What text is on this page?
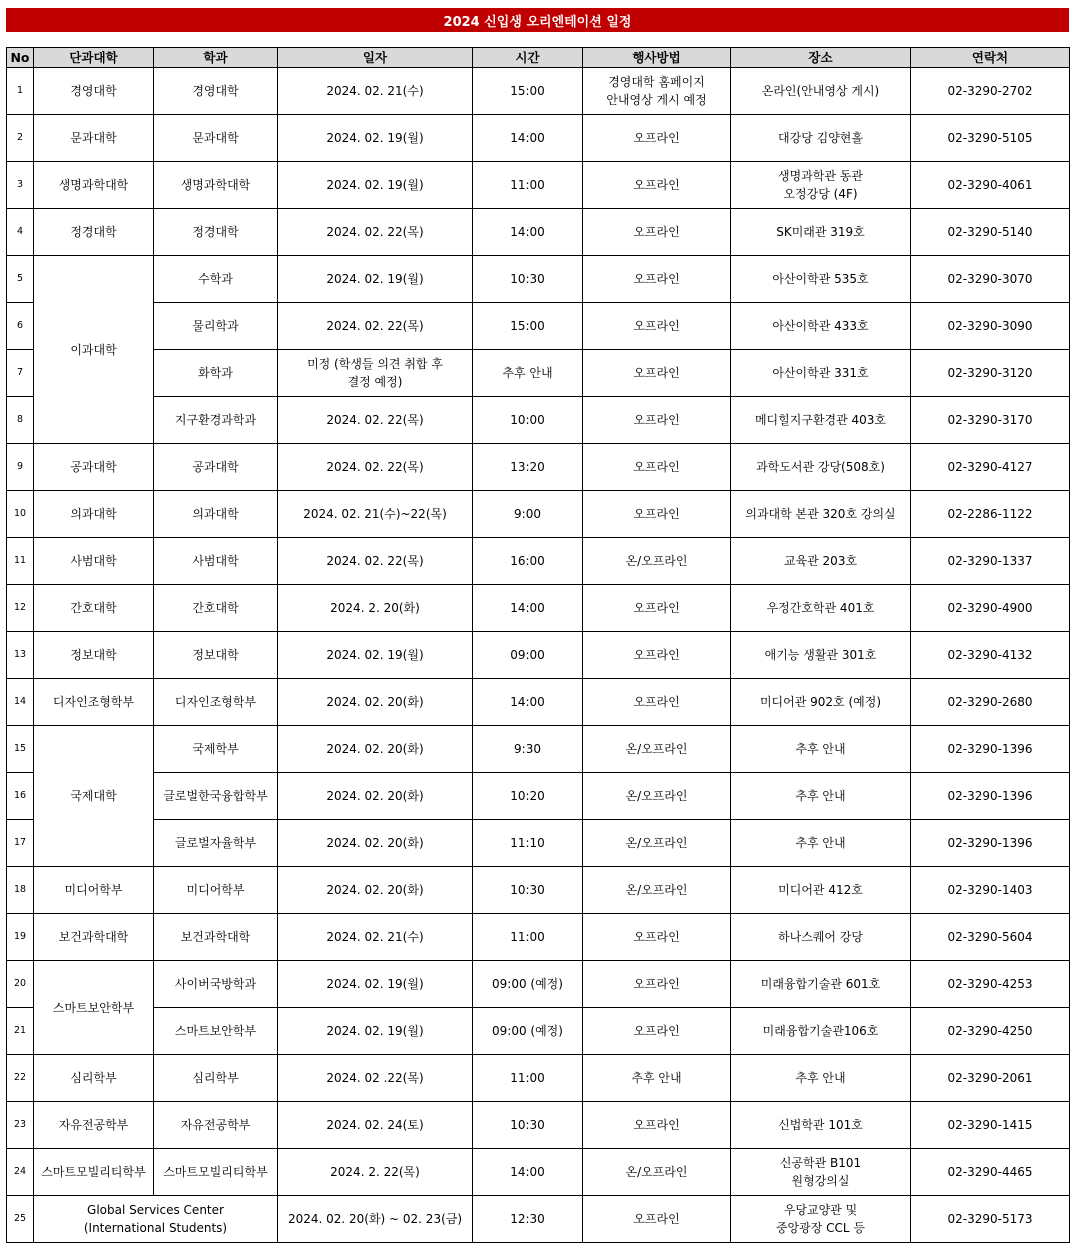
2024 신입생 오리엔테이션 일정
No	단과대학	학과	일자	시간	행사방법	장소	연락처
1	경영대학	경영대학	2024. 02. 21(수)	15:00	경영대학 홈페이지
안내영상 게시 예정	온라인(안내영상 게시)	02-3290-2702
2	문과대학	문과대학	2024. 02. 19(월)	14:00	오프라인	대강당 김양현홀	02-3290-5105
3	생명과학대학	생명과학대학	2024. 02. 19(월)	11:00	오프라인	생명과학관 동관
오정강당 (4F)	02-3290-4061
4	정경대학	정경대학	2024. 02. 22(목)	14:00	오프라인	SK미래관 319호	02-3290-5140
5	이과대학	수학과	2024. 02. 19(월)	10:30	오프라인	아산이학관 535호	02-3290-3070
6		물리학과	2024. 02. 22(목)	15:00	오프라인	아산이학관 433호	02-3290-3090
7		화학과	미정 (학생들 의견 취합 후
결정 예정)	추후 안내	오프라인	아산이학관 331호	02-3290-3120
8		지구환경과학과	2024. 02. 22(목)	10:00	오프라인	메디힐지구환경관 403호	02-3290-3170
9	공과대학	공과대학	2024. 02. 22(목)	13:20	오프라인	과학도서관 강당(508호)	02-3290-4127
10	의과대학	의과대학	2024. 02. 21(수)~22(목)	9:00	오프라인	의과대학 본관 320호 강의실	02-2286-1122
11	사범대학	사범대학	2024. 02. 22(목)	16:00	온/오프라인	교육관 203호	02-3290-1337
12	간호대학	간호대학	2024. 2. 20(화)	14:00	오프라인	우정간호학관 401호	02-3290-4900
13	정보대학	정보대학	2024. 02. 19(월)	09:00	오프라인	애기능 생활관 301호	02-3290-4132
14	디자인조형학부	디자인조형학부	2024. 02. 20(화)	14:00	오프라인	미디어관 902호 (예정)	02-3290-2680
15	국제대학	국제학부	2024. 02. 20(화)	9:30	온/오프라인	추후 안내	02-3290-1396
16		글로벌한국융합학부	2024. 02. 20(화)	10:20	온/오프라인	추후 안내	02-3290-1396
17		글로벌자율학부	2024. 02. 20(화)	11:10	온/오프라인	추후 안내	02-3290-1396
18	미디어학부	미디어학부	2024. 02. 20(화)	10:30	온/오프라인	미디어관 412호	02-3290-1403
19	보건과학대학	보건과학대학	2024. 02. 21(수)	11:00	오프라인	하나스퀘어 강당	02-3290-5604
20	스마트보안학부	사이버국방학과	2024. 02. 19(월)	09:00 (예정)	오프라인	미래융합기술관 601호	02-3290-4253
21		스마트보안학부	2024. 02. 19(월)	09:00 (예정)	오프라인	미래융합기술관106호	02-3290-4250
22	심리학부	심리학부	2024. 02 .22(목)	11:00	추후 안내	추후 안내	02-3290-2061
23	자유전공학부	자유전공학부	2024. 02. 24(토)	10:30	오프라인	신법학관 101호	02-3290-1415
24	스마트모빌리티학부	스마트모빌리티학부	2024. 2. 22(목)	14:00	온/오프라인	신공학관 B101
원형강의실	02-3290-4465
25	Global Services Center
(International Students)		2024. 02. 20(화) ~ 02. 23(금)	12:30	오프라인	우당교양관 및
중앙광장 CCL 등	02-3290-5173
